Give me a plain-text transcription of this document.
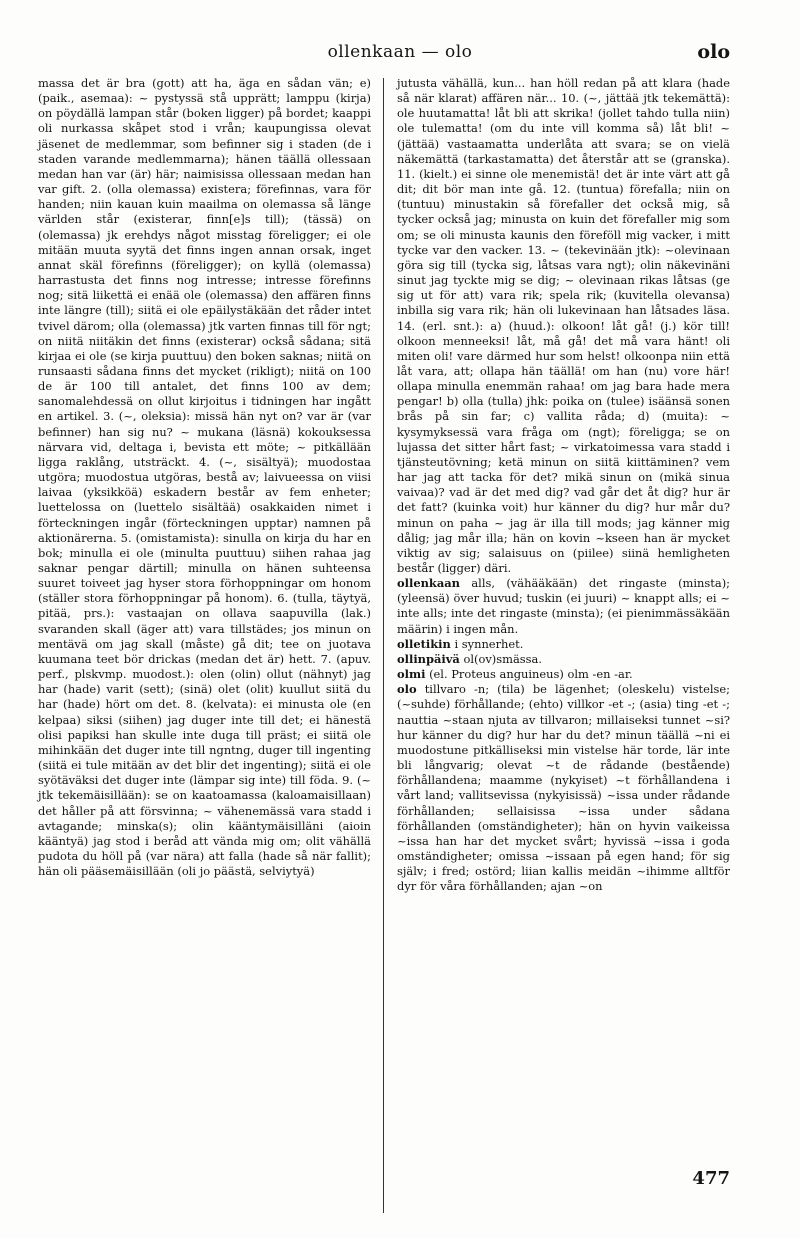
ollenkaan — olo	olo

massa det är bra (gott) att ha, äga en sådan vän; e) (paik., asemaa): ~ pystyssä stå upprätt; lamppu (kirja) on pöydällä lampan står (boken ligger) på bordet; kaappi oli nurkassa skåpet stod i vrån; kaupungissa olevat jäsenet de medlemmar, som befinner sig i staden (de i staden varande medlemmarna); hänen täällä ollessaan medan han var (är) här; naimisissa ollessaan medan han var gift. 2. (olla olemassa) existera; förefinnas, vara för handen; niin kauan kuin maailma on olemassa så länge världen står (existerar, finn[e]s till); (tässä) on (olemassa) jk erehdys något misstag föreligger; ei ole mitään muuta syytä det finns ingen annan orsak, inget annat skäl förefinns (föreligger); on kyllä (olemassa) harrastusta det finns nog intresse; intresse förefinns nog; sitä liikettä ei enää ole (olemassa) den affären finns inte längre (till); siitä ei ole epäilystäkään det råder intet tvivel därom; olla (olemassa) jtk varten finnas till för ngt; on niitä niitäkin det finns (existerar) också sådana; sitä kirjaa ei ole (se kirja puuttuu) den boken saknas; niitä on runsaasti sådana finns det mycket (rikligt); niitä on 100 de är 100 till antalet, det finns 100 av dem; sanomalehdessä on ollut kirjoitus i tidningen har ingått en artikel. 3. (~, oleksia): missä hän nyt on? var är (var befinner) han sig nu? ~ mukana (läsnä) kokouksessa närvara vid, deltaga i, bevista ett möte; ~ pitkällään ligga raklång, utsträckt. 4. (~, sisältyä); muodostaa utgöra; muodostua utgöras, bestå av; laivueessa on viisi laivaa (yksikköä) eskadern består av fem enheter; luettelossa on (luettelo sisältää) osakkaiden nimet i förteckningen ingår (förteckningen upptar) namnen på aktionärerna. 5. (omistamista): sinulla on kirja du har en bok; minulla ei ole (minulta puuttuu) siihen rahaa jag saknar pengar därtill; minulla on hänen suhteensa suuret toiveet jag hyser stora förhoppningar om honom (ställer stora förhoppningar på honom). 6. (tulla, täytyä, pitää, prs.): vastaajan on ollava saapuvilla (lak.) svaranden skall (äger att) vara tillstädes; jos minun on mentävä om jag skall (måste) gå dit; tee on juotava kuumana teet bör drickas (medan det är) hett. 7. (apuv. perf., plskvmp. muodost.): olen (olin) ollut (nähnyt) jag har (hade) varit (sett); (sinä) olet (olit) kuullut siitä du har (hade) hört om det. 8. (kelvata): ei minusta ole (en kelpaa) siksi (siihen) jag duger inte till det; ei hänestä olisi papiksi han skulle inte duga till präst; ei siitä ole mihinkään det duger inte till ngntng, duger till ingenting (siitä ei tule mitään av det blir det ingenting); siitä ei ole syötäväksi det duger inte (lämpar sig inte) till föda. 9. (~ jtk tekemäisillään): se on kaatoamassa (kaloamaisillaan) det håller på att försvinna; ~ vähenemässä vara stadd i avtagande; minska(s); olin kääntymäisilläni (aioin kääntyä) jag stod i beråd att vända mig om; olit vähällä pudota du höll på (var nära) att falla (hade så när fallit); hän oli pääsemäisillään (oli jo päästä, selviytyä)

jutusta vähällä, kun... han höll redan på att klara (hade så när klarat) affären när... 10. (~, jättää jtk tekemättä): ole huutamatta! låt bli att skrika! (jollet tahdo tulla niin) ole tulematta! (om du inte vill komma så) låt bli! ~ (jättää) vastaamatta underlåta att svara; se on vielä näkemättä (tarkastamatta) det återstår att se (granska). 11. (kielt.) ei sinne ole menemistä! det är inte värt att gå dit; dit bör man inte gå. 12. (tuntua) förefalla; niin on (tuntuu) minustakin så förefaller det också mig, så tycker också jag; minusta on kuin det förefaller mig som om; se oli minusta kaunis den föreföll mig vacker, i mitt tycke var den vacker. 13. ~ (tekevinään jtk): ~olevinaan göra sig till (tycka sig, låtsas vara ngt); olin näkevinäni sinut jag tyckte mig se dig; ~ olevinaan rikas låtsas (ge sig ut för att) vara rik; spela rik; (kuvitella olevansa) inbilla sig vara rik; hän oli lukevinaan han låtsades läsa. 14. (erl. snt.): a) (huud.): olkoon! låt gå! (j.) kör till! olkoon menneeksi! låt, må gå! det må vara hänt! oli miten oli! vare därmed hur som helst! olkoonpa niin että låt vara, att; ollapa hän täällä! om han (nu) vore här! ollapa minulla enemmän rahaa! om jag bara hade mera pengar! b) olla (tulla) jhk: poika on (tulee) isäänsä sonen brås på sin far; c) vallita råda; d) (muita): ~ kysymyksessä vara fråga om (ngt); föreligga; se on lujassa det sitter hårt fast; ~ virkatoimessa vara stadd i tjänsteutövning; ketä minun on siitä kiittäminen? vem har jag att tacka för det? mikä sinun on (mikä sinua vaivaa)? vad är det med dig? vad går det åt dig? hur är det fatt? (kuinka voit) hur känner du dig? hur mår du? minun on paha ~ jag är illa till mods; jag känner mig dålig; jag mår illa; hän on kovin ~kseen han är mycket viktig av sig; salaisuus on (piilee) siinä hemligheten består (ligger) däri.

ollenkaan alls, (vähääkään) det ringaste (minsta); (yleensä) över huvud; tuskin (ei juuri) ~ knappt alls; ei ~ inte alls; inte det ringaste (minsta); (ei pienimmässäkään määrin) i ingen mån.

olletikin i synnerhet.

ollinpäivä ol(ov)smässa.

olmi (el. Proteus anguineus) olm -en -ar.

olo tillvaro -n; (tila) be lägenhet; (oleskelu) vistelse; (~suhde) förhållande; (ehto) villkor -et -; (asia) ting -et -; nauttia ~staan njuta av tillvaron; millaiseksi tunnet ~si? hur känner du dig? hur har du det? minun täällä ~ni ei muodostune pitkälliseksi min vistelse här torde, lär inte bli långvarig; olevat ~t de rådande (bestående) förhållandena; maamme (nykyiset) ~t förhållandena i vårt land; vallitsevissa (nykyisissä) ~issa under rådande förhållanden; sellaisissa ~issa under sådana förhållanden (omständigheter); hän on hyvin vaikeissa ~issa han har det mycket svårt; hyvissä ~issa i goda omständigheter; omissa ~issaan på egen hand; för sig själv; i fred; ostörd; liian kallis meidän ~ihimme alltför dyr för våra förhållanden; ajan ~on

477
